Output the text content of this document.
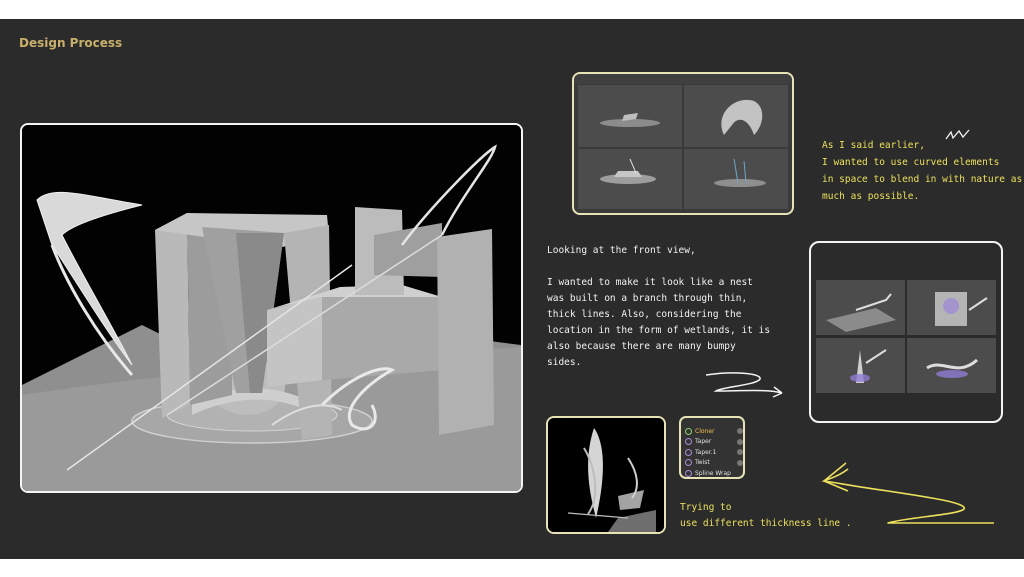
Design Process
As I said earlier,
I wanted to use curved elements
in space to blend in with nature as
much as possible.
Looking at the front view,
I wanted to make it look like a nest
was built on a branch through thin,
thick lines. Also, considering the
location in the form of wetlands, it is
also because there are many bumpy
sides.
Cloner
Taper
Taper.1
Twist
Spline Wrap
Trying to
use different thickness line .
